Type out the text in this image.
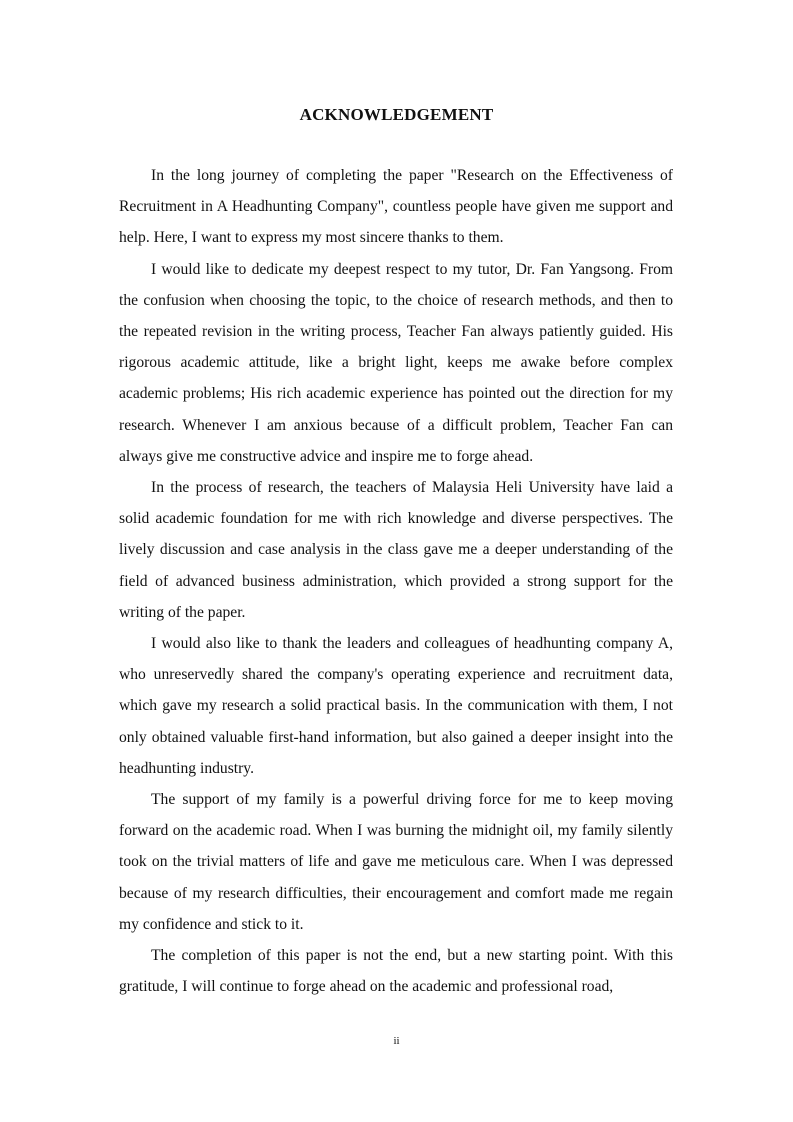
ACKNOWLEDGEMENT

In the long journey of completing the paper "Research on the Effectiveness of Recruitment in A Headhunting Company", countless people have given me support and help. Here, I want to express my most sincere thanks to them.

I would like to dedicate my deepest respect to my tutor, Dr. Fan Yangsong. From the confusion when choosing the topic, to the choice of research methods, and then to the repeated revision in the writing process, Teacher Fan always patiently guided. His rigorous academic attitude, like a bright light, keeps me awake before complex academic problems; His rich academic experience has pointed out the direction for my research. Whenever I am anxious because of a difficult problem, Teacher Fan can always give me constructive advice and inspire me to forge ahead.

In the process of research, the teachers of Malaysia Heli University have laid a solid academic foundation for me with rich knowledge and diverse perspectives. The lively discussion and case analysis in the class gave me a deeper understanding of the field of advanced business administration, which provided a strong support for the writing of the paper.

I would also like to thank the leaders and colleagues of headhunting company A, who unreservedly shared the company's operating experience and recruitment data, which gave my research a solid practical basis. In the communication with them, I not only obtained valuable first-hand information, but also gained a deeper insight into the headhunting industry.

The support of my family is a powerful driving force for me to keep moving forward on the academic road. When I was burning the midnight oil, my family silently took on the trivial matters of life and gave me meticulous care. When I was depressed because of my research difficulties, their encouragement and comfort made me regain my confidence and stick to it.

The completion of this paper is not the end, but a new starting point. With this gratitude, I will continue to forge ahead on the academic and professional road,

ii
